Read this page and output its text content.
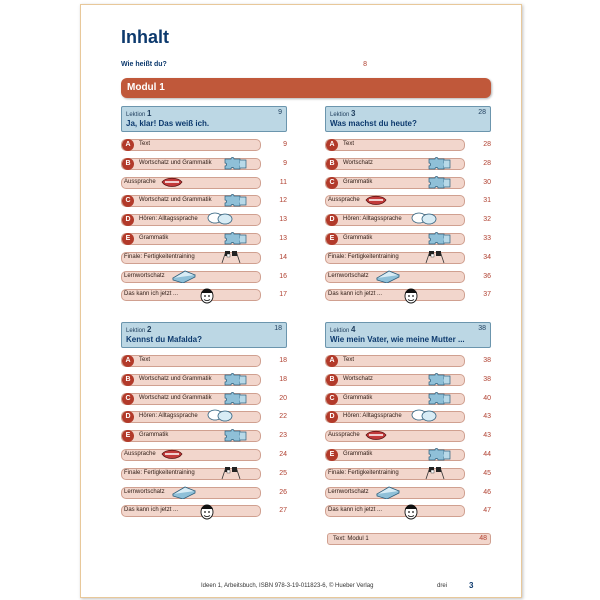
Inhalt
Wie heißt du?	8
Modul 1
Lektion 1	9
Ja, klar! Das weiß ich.
A	Text	9
B	Wortschatz und Grammatik	9
Aussprache	11
C	Wortschatz und Grammatik	12
D	Hören: Alltagssprache	13
E	Grammatik	13
Finale: Fertigkeitentraining	14
Lernwortschatz	16
Das kann ich jetzt ...	17
Lektion 3	28
Was machst du heute?
A	Text	28
B	Wortschatz	28
C	Grammatik	30
Aussprache	31
D	Hören: Alltagssprache	32
E	Grammatik	33
Finale: Fertigkeitentraining	34
Lernwortschatz	36
Das kann ich jetzt ...	37
Lektion 2	18
Kennst du Mafalda?
A	Text	18
B	Wortschatz und Grammatik	18
C	Wortschatz und Grammatik	20
D	Hören: Alltagssprache	22
E	Grammatik	23
Aussprache	24
Finale: Fertigkeitentraining	25
Lernwortschatz	26
Das kann ich jetzt ...	27
Lektion 4	38
Wie mein Vater, wie meine Mutter ...
A	Text	38
B	Wortschatz	38
C	Grammatik	40
D	Hören: Alltagssprache	43
Aussprache	43
E	Grammatik	44
Finale: Fertigkeitentraining	45
Lernwortschatz	46
Das kann ich jetzt ...	47
Text: Modul 1	48
Ideen 1, Arbeitsbuch, ISBN 978-3-19-011823-6, © Hueber Verlag	drei	3
